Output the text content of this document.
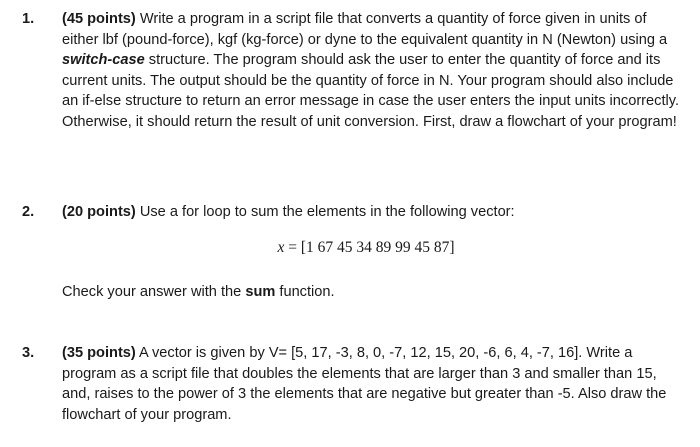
1. (45 points) Write a program in a script file that converts a quantity of force given in units of either lbf (pound-force), kgf (kg-force) or dyne to the equivalent quantity in N (Newton) using a switch-case structure. The program should ask the user to enter the quantity of force and its current units. The output should be the quantity of force in N. Your program should also include an if-else structure to return an error message in case the user enters the input units incorrectly. Otherwise, it should return the result of unit conversion. First, draw a flowchart of your program!
2. (20 points) Use a for loop to sum the elements in the following vector:
x = [1 67 45 34 89 99 45 87]
Check your answer with the sum function.
3. (35 points) A vector is given by V= [5, 17, -3, 8, 0, -7, 12, 15, 20, -6, 6, 4, -7, 16]. Write a program as a script file that doubles the elements that are larger than 3 and smaller than 15, and, raises to the power of 3 the elements that are negative but greater than -5. Also draw the flowchart of your program.
